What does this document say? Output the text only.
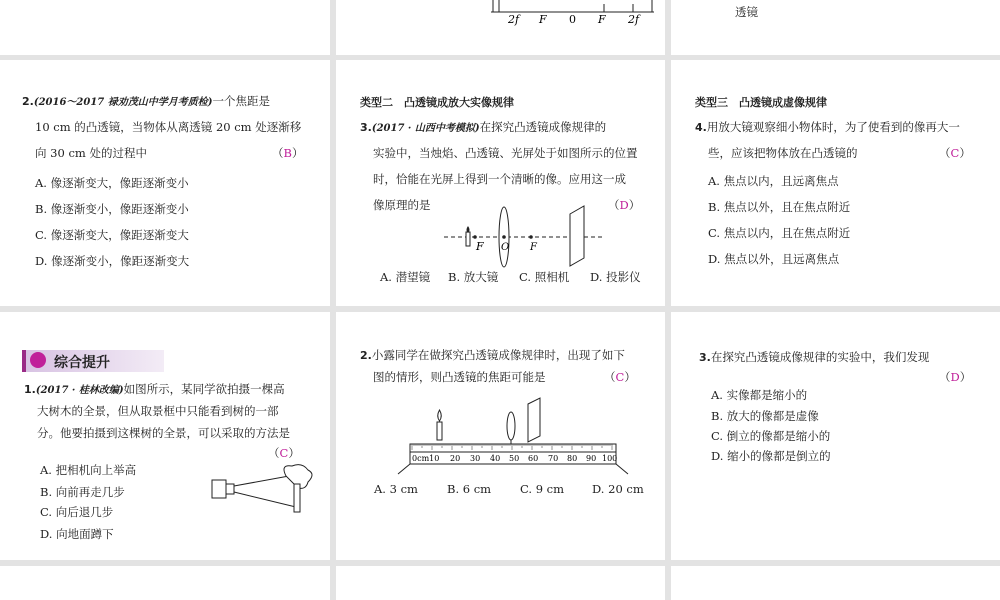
2f F 0 F 2f
透镜
2.(2016～2017 禄劝茂山中学月考质检)一个焦距是
10 cm 的凸透镜，当物体从离透镜 20 cm 处逐渐移
向 30 cm 处的过程中	（B）
A. 像逐渐变大，像距逐渐变小
B. 像逐渐变小，像距逐渐变小
C. 像逐渐变大，像距逐渐变大
D. 像逐渐变小，像距逐渐变大
类型二　凸透镜成放大实像规律
3.(2017 · 山西中考模拟)在探究凸透镜成像规律的
实验中，当烛焰、凸透镜、光屏处于如图所示的位置
时，恰能在光屏上得到一个清晰的像。应用这一成
像原理的是	（D）
F O F
A. 潜望镜 B. 放大镜 C. 照相机 D. 投影仪
类型三　凸透镜成虚像规律
4.用放大镜观察细小物体时，为了使看到的像再大一
些，应该把物体放在凸透镜的	（C）
A. 焦点以内，且远离焦点
B. 焦点以外，且在焦点附近
C. 焦点以内，且在焦点附近
D. 焦点以外，且远离焦点
综合提升
1.(2017 · 桂林改编)如图所示，某同学欲拍摄一棵高
大树木的全景，但从取景框中只能看到树的一部
分。他要拍摄到这棵树的全景，可以采取的方法是
（C）
A. 把相机向上举高
B. 向前再走几步
C. 向后退几步
D. 向地面蹲下
2.小露同学在做探究凸透镜成像规律时，出现了如下
图的情形，则凸透镜的焦距可能是	（C）
0cm10 20 30 40 50 60 70 80 90 100
A. 3 cm	B. 6 cm	C. 9 cm D. 20 cm
3.在探究凸透镜成像规律的实验中，我们发现
（D）
A. 实像都是缩小的
B. 放大的像都是虚像
C. 倒立的像都是缩小的
D. 缩小的像都是倒立的
